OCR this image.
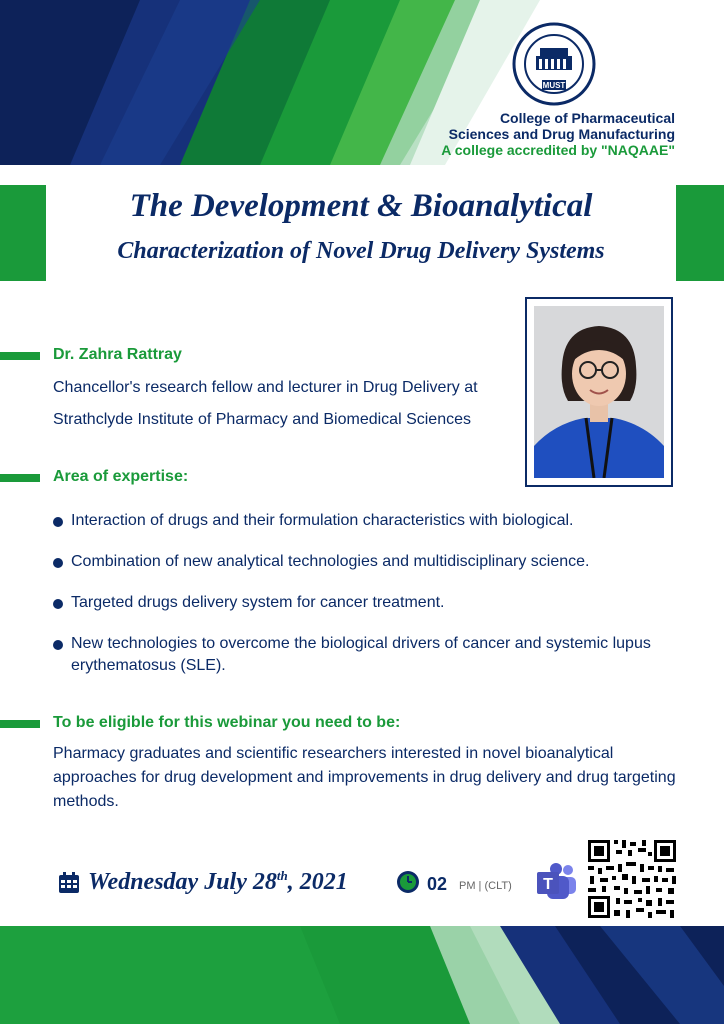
MUST
College of Pharmaceutical
Sciences and Drug Manufacturing
A college accredited by "NAQAAE"
The Development & Bioanalytical
Characterization of Novel Drug Delivery Systems
Dr. Zahra Rattray
Chancellor's research fellow and lecturer in Drug Delivery at
Strathclyde Institute of Pharmacy and Biomedical Sciences
Area of expertise:
Interaction of drugs and their formulation characteristics with biological.
Combination of new analytical technologies and multidisciplinary science.
Targeted drugs delivery system for cancer treatment.
New technologies to overcome the biological drivers of cancer and systemic lupus erythematosus (SLE).
To be eligible for this webinar you need to be:
Pharmacy graduates and scientific researchers interested in novel bioanalytical approaches for drug development and improvements in drug delivery and drug targeting methods.
Wednesday July 28th, 2021	02 PM | (CLT) T
